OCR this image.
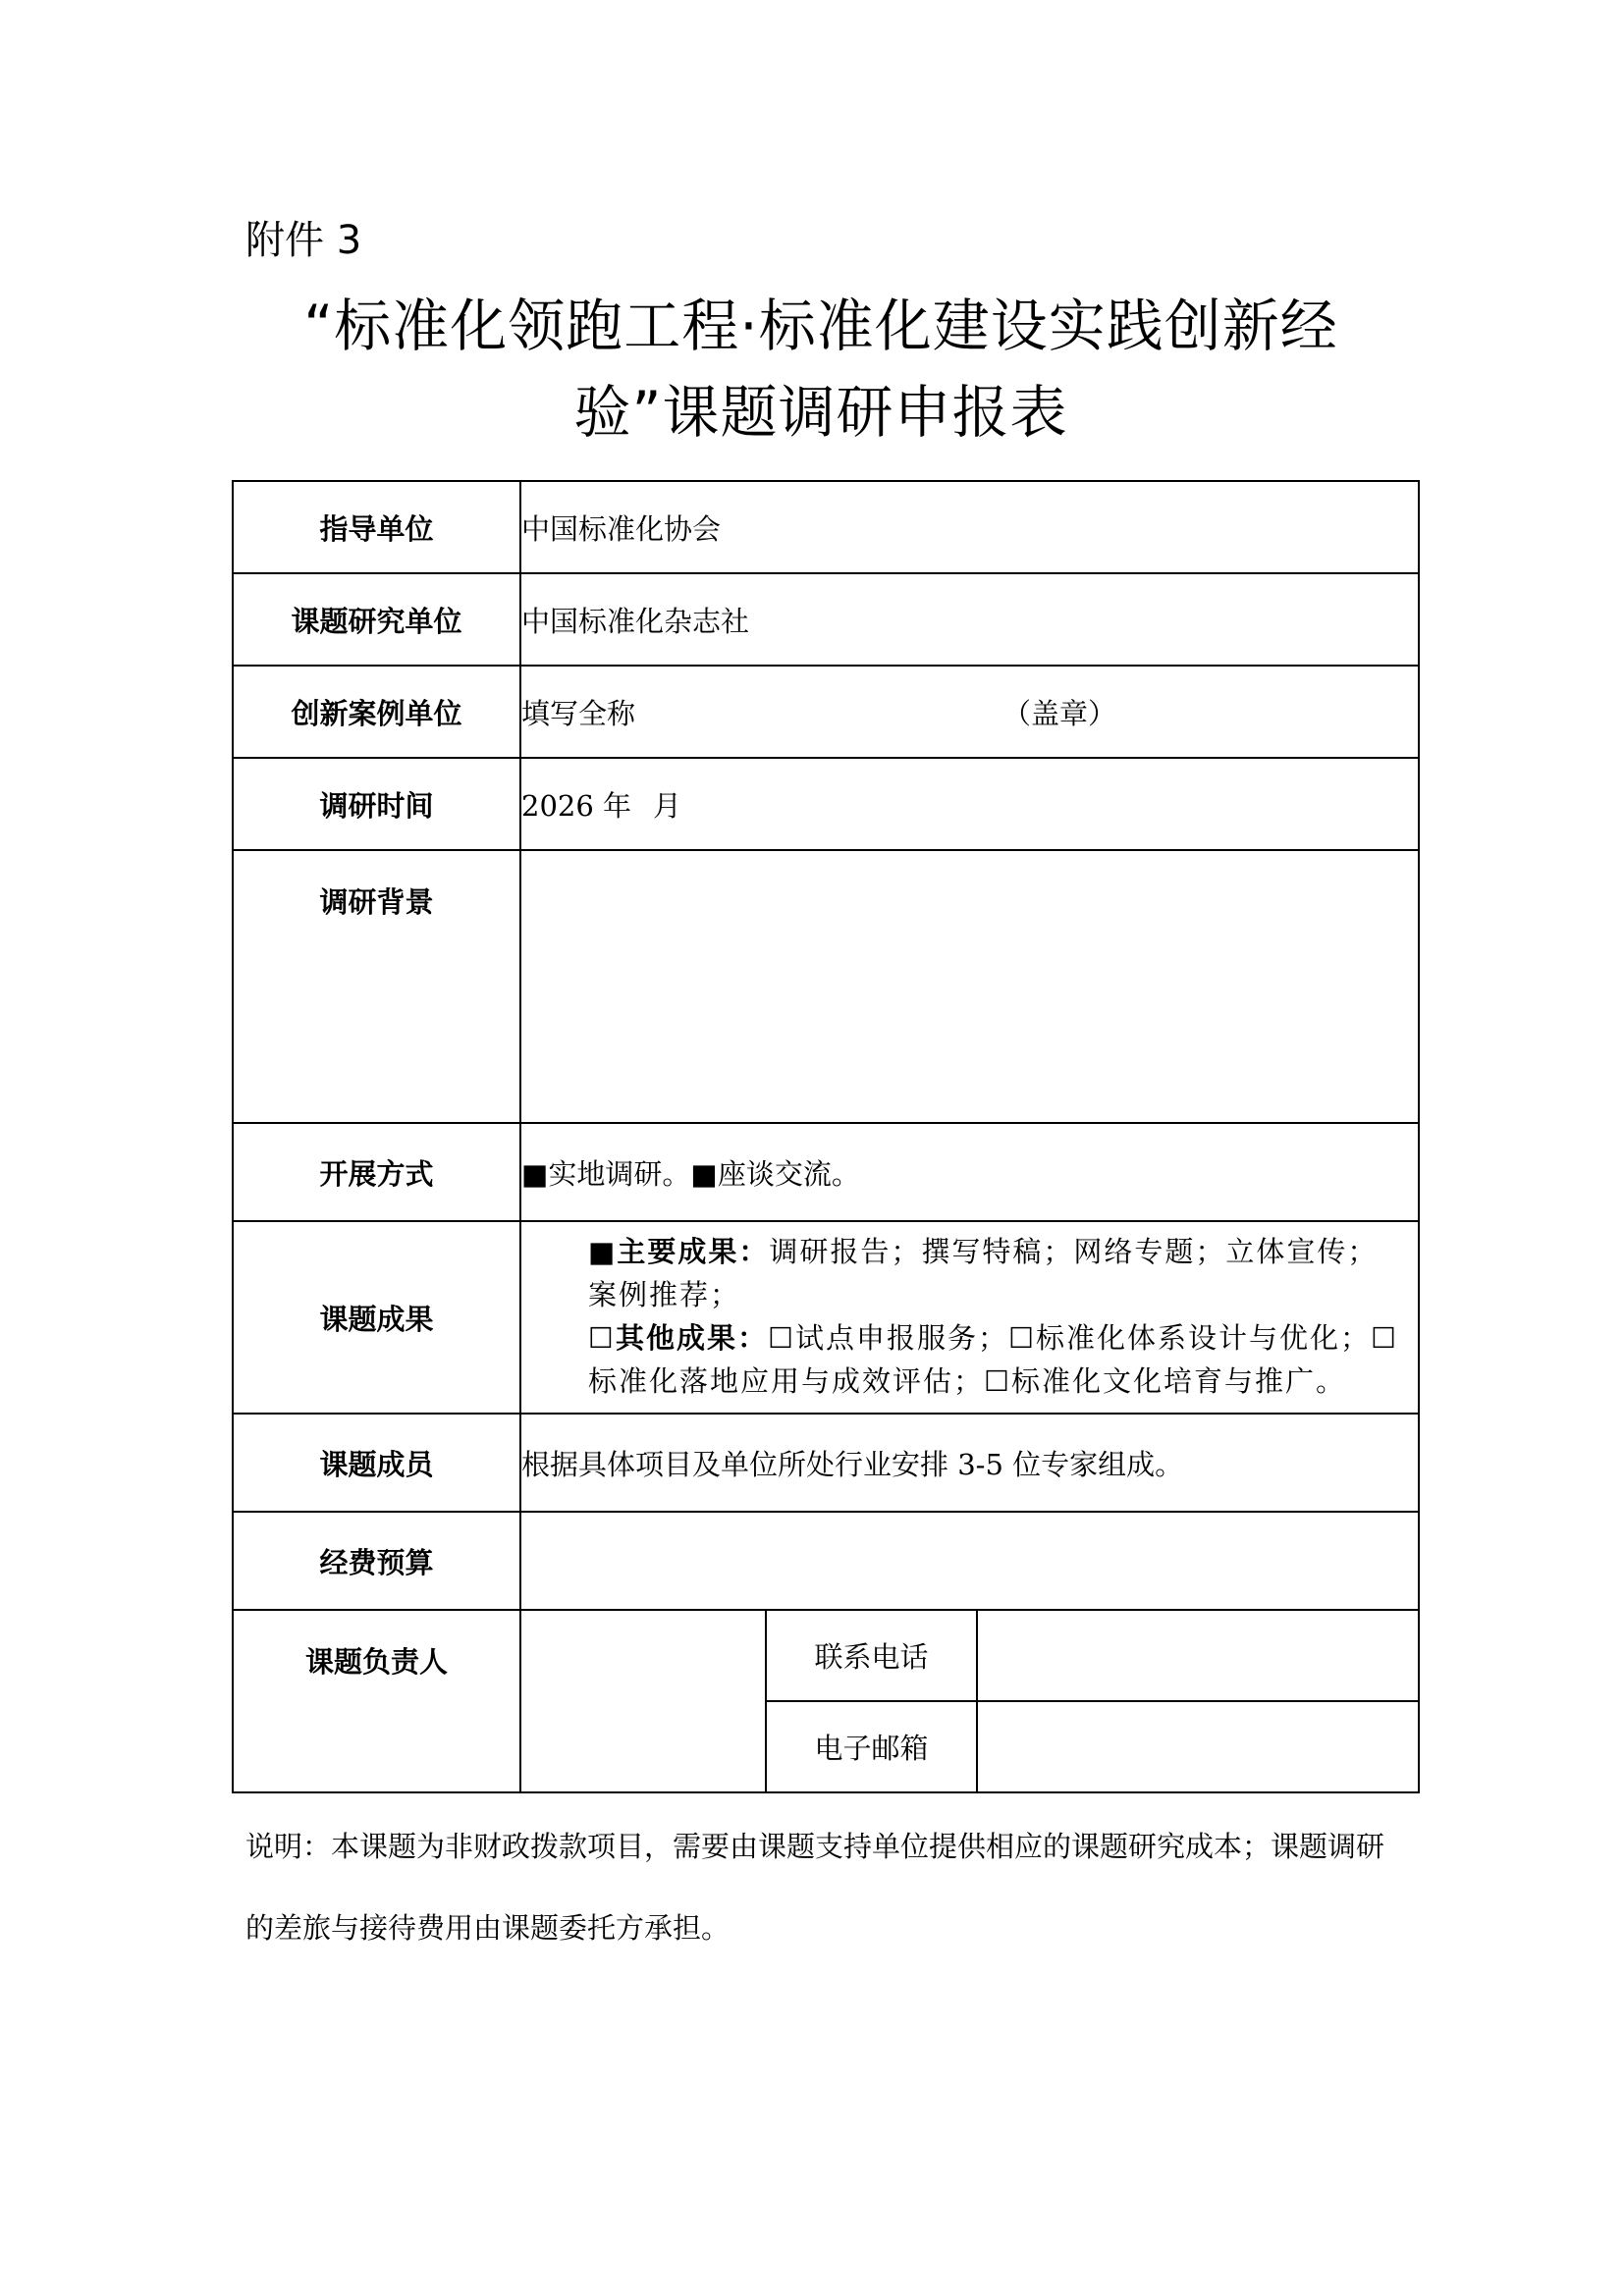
附件 3
“标准化领跑工程·标准化建设实践创新经
验”课题调研申报表
指导单位	中国标准化协会		
课题研究单位	中国标准化杂志社		
创新案例单位	填写全称 （盖章）		
调研时间	2026 年 月		
调研背景			
开展方式	■实地调研。■座谈交流。		
课题成果	■主要成果：调研报告；撰写特稿；网络专题；立体宣传；案例推荐；
☐其他成果：☐试点申报服务；☐标准化体系设计与优化；☐标准化落地应用与成效评估；☐标准化文化培育与推广。		

课题成员	根据具体项目及单位所处行业安排 3-5 位专家组成。		
经费预算			
课题负责人		联系电话	
		电子邮箱	
说明：本课题为非财政拨款项目，需要由课题支持单位提供相应的课题研究成本；课题调研
的差旅与接待费用由课题委托方承担。
